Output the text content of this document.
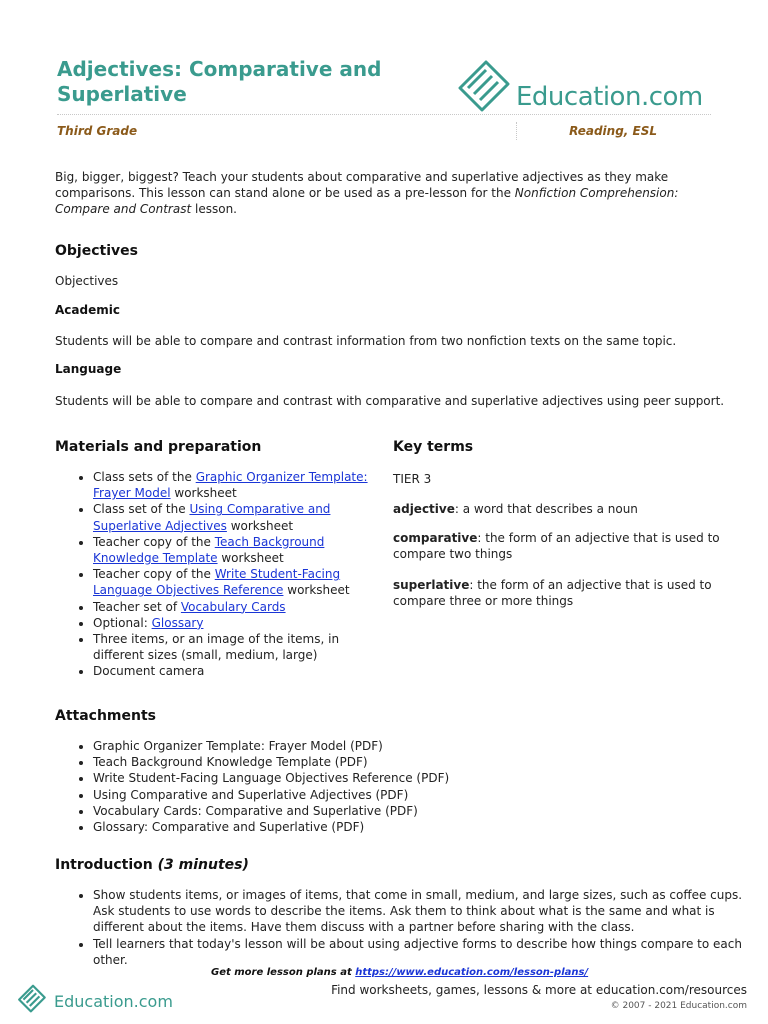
Adjectives: Comparative and Superlative	Education.com
Third Grade	Reading, ESL

Big, bigger, biggest? Teach your students about comparative and superlative adjectives as they make comparisons. This lesson can stand alone or be used as a pre-lesson for the Nonfiction Comprehension: Compare and Contrast lesson.

Objectives

Objectives

Academic

Students will be able to compare and contrast information from two nonfiction texts on the same topic.

Language

Students will be able to compare and contrast with comparative and superlative adjectives using peer support.

Materials and preparation
• Class sets of the Graphic Organizer Template: Frayer Model worksheet
• Class set of the Using Comparative and Superlative Adjectives worksheet
• Teacher copy of the Teach Background Knowledge Template worksheet
• Teacher copy of the Write Student-Facing Language Objectives Reference worksheet
• Teacher set of Vocabulary Cards
• Optional: Glossary
• Three items, or an image of the items, in different sizes (small, medium, large)
• Document camera
Key terms

TIER 3

adjective: a word that describes a noun

comparative: the form of an adjective that is used to compare two things

superlative: the form of an adjective that is used to compare three or more things

Attachments
• Graphic Organizer Template: Frayer Model (PDF)
• Teach Background Knowledge Template (PDF)
• Write Student-Facing Language Objectives Reference (PDF)
• Using Comparative and Superlative Adjectives (PDF)
• Vocabulary Cards: Comparative and Superlative (PDF)
• Glossary: Comparative and Superlative (PDF)
Introduction (3 minutes)
• Show students items, or images of items, that come in small, medium, and large sizes, such as coffee cups. Ask students to use words to describe the items. Ask them to think about what is the same and what is different about the items. Have them discuss with a partner before sharing with the class.
• Tell learners that today's lesson will be about using adjective forms to describe how things compare to each other.
Get more lesson plans at https://www.education.com/lesson-plans/
Education.com
Find worksheets, games, lessons & more at education.com/resources
© 2007 - 2021 Education.com
